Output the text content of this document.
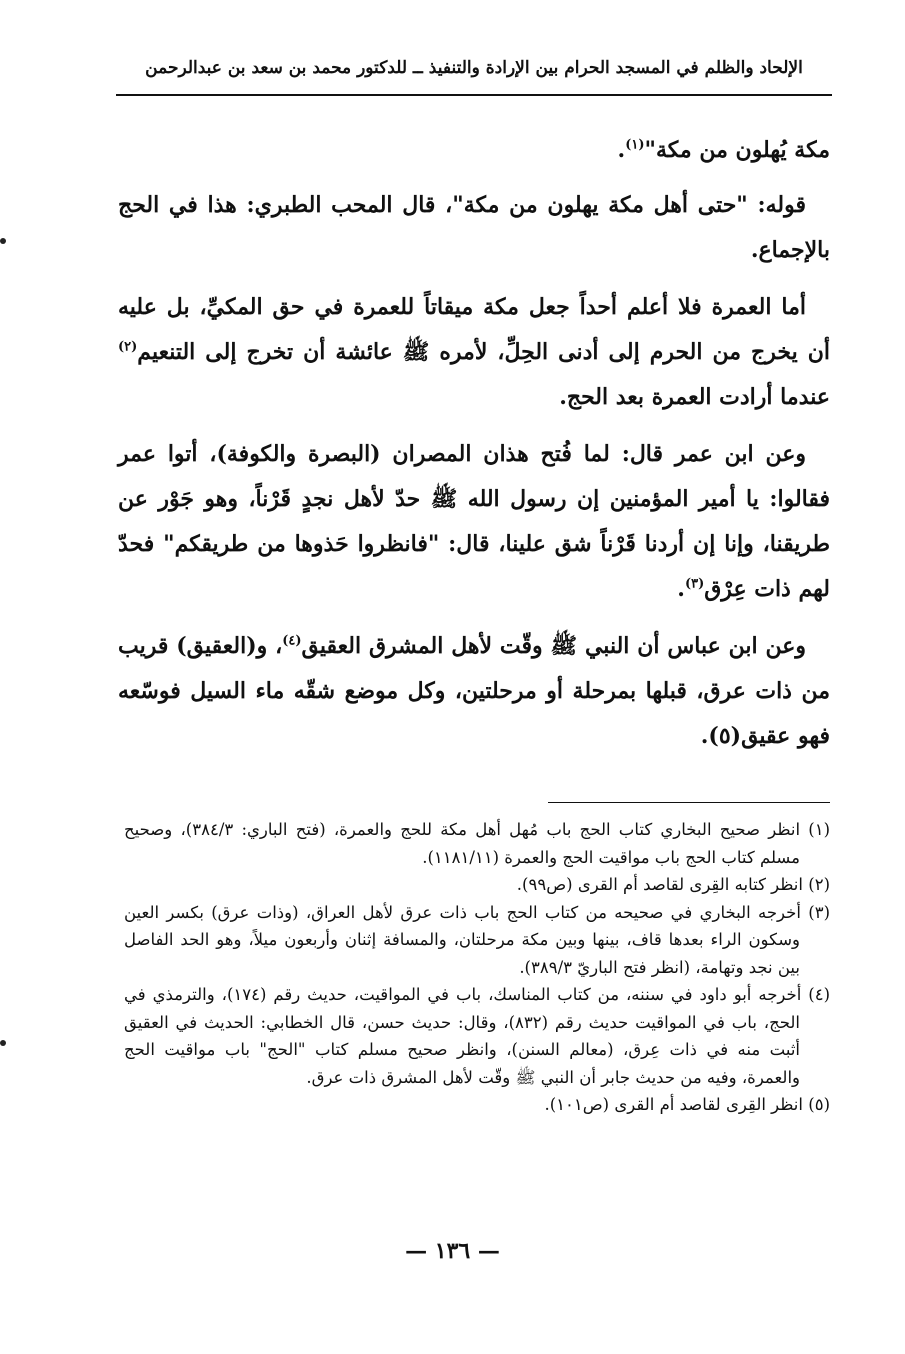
الإلحاد والظلم في المسجد الحرام بين الإرادة والتنفيذ ــ للدكتور محمد بن سعد بن عبدالرحمن

مكة يُهلون من مكة"$^{(١)}$.

قوله: "حتى أهل مكة يهلون من مكة"، قال المحب الطبري: هذا في الحج بالإجماع.

أما العمرة فلا أعلم أحداً جعل مكة ميقاتاً للعمرة في حق المكيِّ، بل عليه أن يخرج من الحرم إلى أدنى الحِلِّ، لأمره ﷺ عائشة أن تخرج إلى التنعيم$^{(٢)}$ عندما أرادت العمرة بعد الحج.

وعن ابن عمر قال: لما فُتح هذان المصران (البصرة والكوفة)، أتوا عمر فقالوا: يا أمير المؤمنين إن رسول الله ﷺ حدّ لأهل نجدٍ قَرْناً، وهو جَوْر عن طريقنا، وإنا إن أردنا قَرْناً شق علينا، قال: "فانظروا حَذوها من طريقكم" فحدّ لهم ذات عِرْق$^{(٣)}$.

وعن ابن عباس أن النبي ﷺ وقّت لأهل المشرق العقيق$^{(٤)}$، و(العقيق) قريب من ذات عرق، قبلها بمرحلة أو مرحلتين، وكل موضع شقّه ماء السيل فوسّعه فهو عقيق(٥).

(١) انظر صحيح البخاري كتاب الحج باب مُهل أهل مكة للحج والعمرة، (فتح الباري: ٣٨٤/٣)، وصحيح مسلم كتاب الحج باب مواقيت الحج والعمرة (١١٨١/١١).

(٢) انظر كتابه القِرى لقاصد أم القرى (ص٩٩).

(٣) أخرجه البخاري في صحيحه من كتاب الحج باب ذات عرق لأهل العراق، (وذات عرق) بكسر العين وسكون الراء بعدها قاف، بينها وبين مكة مرحلتان، والمسافة إثنان وأربعون ميلاً، وهو الحد الفاصل بين نجد وتهامة، (انظر فتح الباريّ ٣٨٩/٣).

(٤) أخرجه أبو داود في سننه، من كتاب المناسك، باب في المواقيت، حديث رقم (١٧٤)، والترمذي في الحج، باب في المواقيت حديث رقم (٨٣٢)، وقال: حديث حسن، قال الخطابي: الحديث في العقيق أثبت منه في ذات عِرق، (معالم السنن)، وانظر صحيح مسلم كتاب "الحج" باب مواقيت الحج والعمرة، وفيه من حديث جابر أن النبي ﷺ وقّت لأهل المشرق ذات عرق.

(٥) انظر القِرى لقاصد أم القرى (ص١٠١).

— ١٣٦ —
